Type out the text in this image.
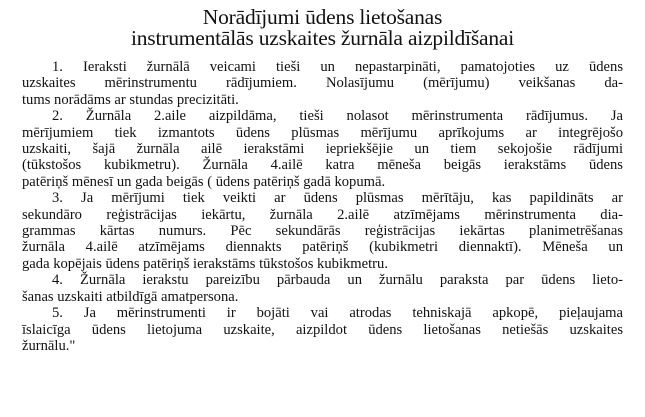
Norādījumi ūdens lietošanas
instrumentālās uzskaites žurnāla aizpildīšanai

1. Ieraksti žurnālā veicami tieši un nepastarpināti, pamatojoties uz ūdens
uzskaites mērinstrumentu rādījumiem. Nolasījumu (mērījumu) veikšanas da-
tums norādāms ar stundas precizitāti.

2. Žurnāla 2.aile aizpildāma, tieši nolasot mērinstrumenta rādījumus. Ja
mērījumiem tiek izmantots ūdens plūsmas mērījumu aprīkojums ar integrējošo
uzskaiti, šajā žurnāla ailē ierakstāmi iepriekšējie un tiem sekojošie rādījumi
(tūkstošos kubikmetru). Žurnāla 4.ailē katra mēneša beigās ierakstāms ūdens
patēriņš mēnesī un gada beigās ( ūdens patēriņš gadā kopumā.

3. Ja mērījumi tiek veikti ar ūdens plūsmas mērītāju, kas papildināts ar
sekundāro reģistrācijas iekārtu, žurnāla 2.ailē atzīmējams mērinstrumenta dia-
grammas kārtas numurs. Pēc sekundārās reģistrācijas iekārtas planimetrēšanas
žurnāla 4.ailē atzīmējams diennakts patēriņš (kubikmetri diennaktī). Mēneša un
gada kopējais ūdens patēriņš ierakstāms tūkstošos kubikmetru.

4. Žurnāla ierakstu pareizību pārbauda un žurnālu paraksta par ūdens lieto-
šanas uzskaiti atbildīgā amatpersona.

5. Ja mērinstrumenti ir bojāti vai atrodas tehniskajā apkopē, pieļaujama
īslaicīga ūdens lietojuma uzskaite, aizpildot ūdens lietošanas netiešās uzskaites
žurnālu."
